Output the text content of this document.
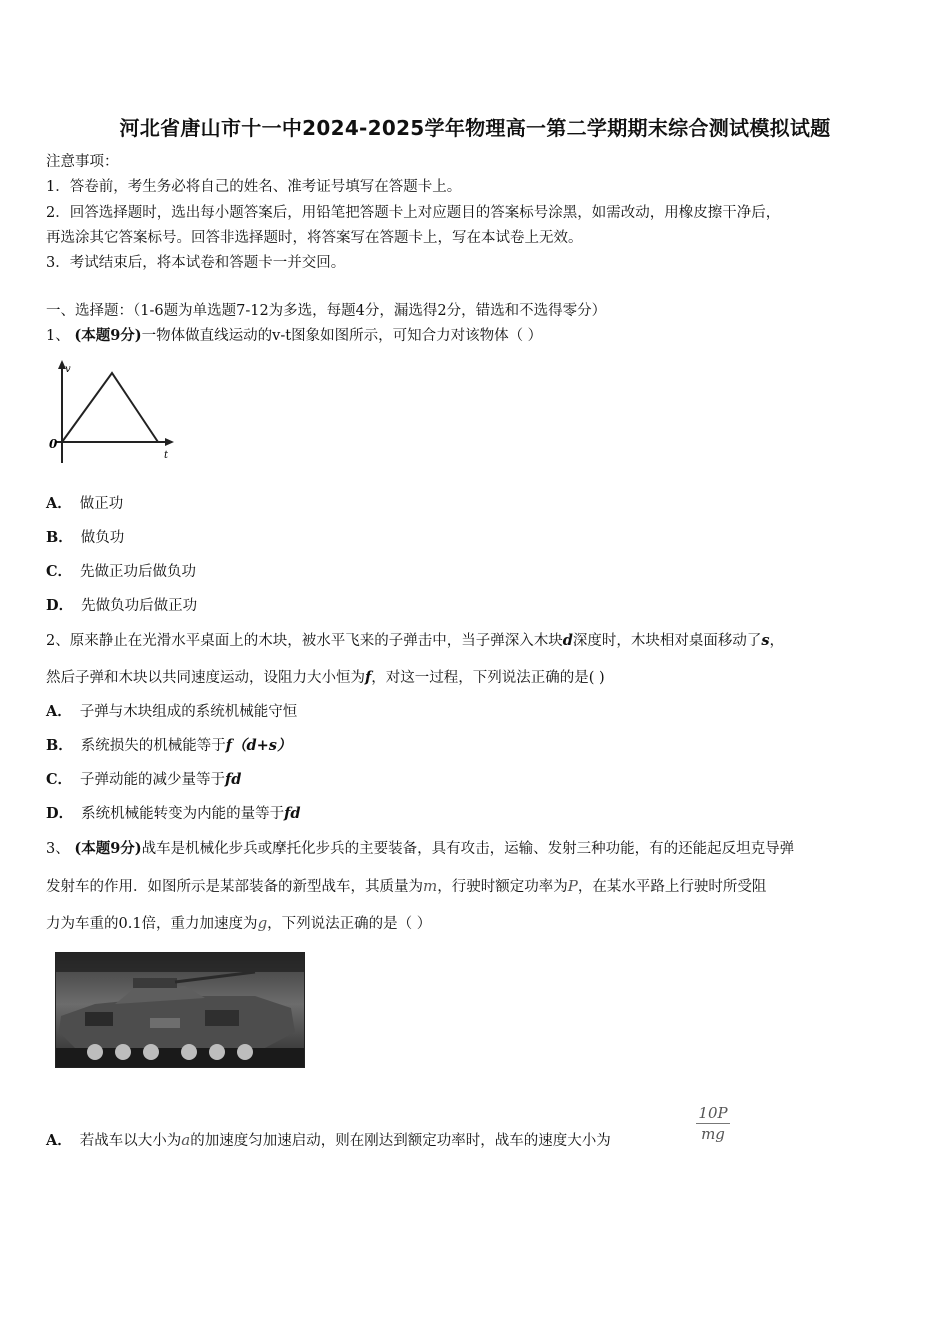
河北省唐山市十一中2024-2025学年物理高一第二学期期末综合测试模拟试题
注意事项：
1．答卷前，考生务必将自己的姓名、准考证号填写在答题卡上。
2．回答选择题时，选出每小题答案后，用铅笔把答题卡上对应题目的答案标号涂黑，如需改动，用橡皮擦干净后，
再选涂其它答案标号。回答非选择题时，将答案写在答题卡上，写在本试卷上无效。
3．考试结束后，将本试卷和答题卡一并交回。
一、选择题：（1-6题为单选题7-12为多选，每题4分，漏选得2分，错选和不选得零分）
1、 (本题9分)一物体做直线运动的v-t图象如图所示，可知合力对该物体（ ）
v
t
0
A． 做正功
B． 做负功
C． 先做正功后做负功
D． 先做负功后做正功
2、原来静止在光滑水平桌面上的木块，被水平飞来的子弹击中，当子弹深入木块d深度时，木块相对桌面移动了s，
然后子弹和木块以共同速度运动，设阻力大小恒为f，对这一过程，下列说法正确的是( )
A． 子弹与木块组成的系统机械能守恒
B． 系统损失的机械能等于f（d+s）
C． 子弹动能的减少量等于fd
D． 系统机械能转变为内能的量等于fd
3、 (本题9分)战车是机械化步兵或摩托化步兵的主要装备，具有攻击，运输、发射三种功能，有的还能起反坦克导弹
发射车的作用．如图所示是某部装备的新型战车，其质量为m，行驶时额定功率为P，在某水平路上行驶时所受阻
力为车重的0.1倍，重力加速度为g，下列说法正确的是（ ）
A． 若战车以大小为a的加速度匀加速启动，则在刚达到额定功率时，战车的速度大小为	$\frac{10P}{mg}$
